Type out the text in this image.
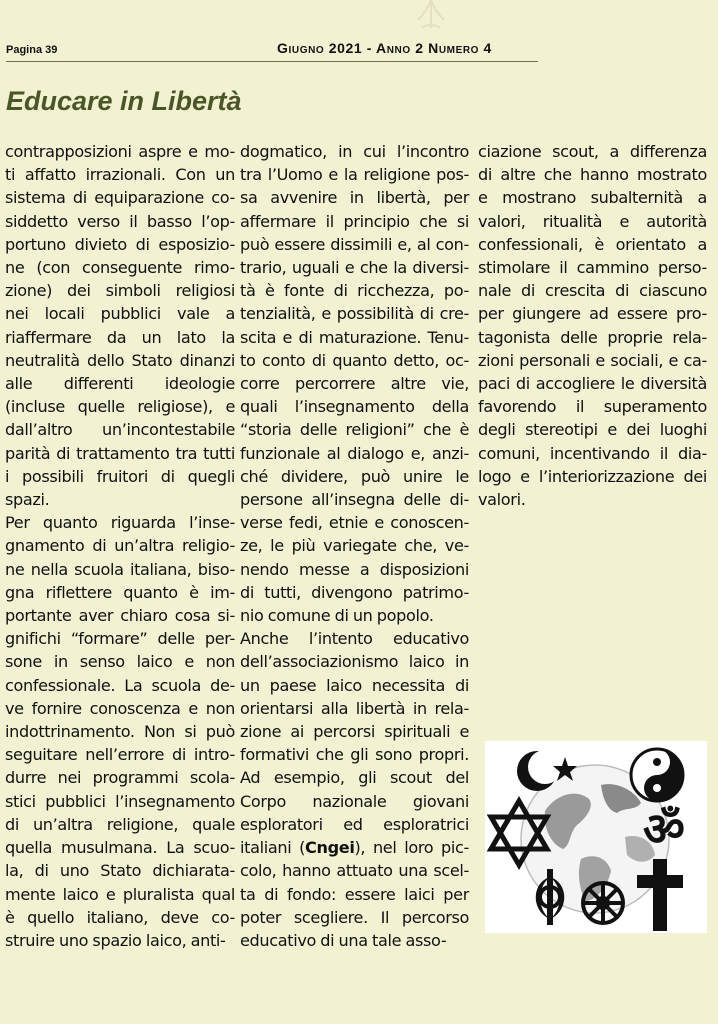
Pagina 39	Giugno 2021 - Anno 2 Numero 4
Educare in Libertà

contrapposizioni aspre e mo-

ti affatto irrazionali. Con un

sistema di equiparazione co-

siddetto verso il basso l’op-

portuno divieto di esposizio-

ne (con conseguente rimo-

zione) dei simboli religiosi

nei locali pubblici vale a

riaffermare da un lato la

neutralità dello Stato dinanzi

alle differenti ideologie

(incluse quelle religiose), e

dall’altro un’incontestabile

parità di trattamento tra tutti

i possibili fruitori di quegli

spazi.

Per quanto riguarda l’inse-

gnamento di un’altra religio-

ne nella scuola italiana, biso-

gna riflettere quanto è im-

portante aver chiaro cosa si-

gnifichi “formare” delle per-

sone in senso laico e non

confessionale. La scuola de-

ve fornire conoscenza e non

indottrinamento. Non si può

seguitare nell’errore di intro-

durre nei programmi scola-

stici pubblici l’insegnamento

di un’altra religione, quale

quella musulmana. La scuo-

la, di uno Stato dichiarata-

mente laico e pluralista qual

è quello italiano, deve co-

struire uno spazio laico, anti-

dogmatico, in cui l’incontro

tra l’Uomo e la religione pos-

sa avvenire in libertà, per

affermare il principio che si

può essere dissimili e, al con-

trario, uguali e che la diversi-

tà è fonte di ricchezza, po-

tenzialità, e possibilità di cre-

scita e di maturazione. Tenu-

to conto di quanto detto, oc-

corre percorrere altre vie,

quali l’insegnamento della

“storia delle religioni” che è

funzionale al dialogo e, anzi-

ché dividere, può unire le

persone all’insegna delle di-

verse fedi, etnie e conoscen-

ze, le più variegate che, ve-

nendo messe a disposizioni

di tutti, divengono patrimo-

nio comune di un popolo.

Anche l’intento educativo

dell’associazionismo laico in

un paese laico necessita di

orientarsi alla libertà in rela-

zione ai percorsi spirituali e

formativi che gli sono propri.

Ad esempio, gli scout del

Corpo nazionale giovani

esploratori ed esploratrici

italiani (Cngei), nel loro pic-

colo, hanno attuato una scel-

ta di fondo: essere laici per

poter scegliere. Il percorso

educativo di una tale asso-

ciazione scout, a differenza

di altre che hanno mostrato

e mostrano subalternità a

valori, ritualità e autorità

confessionali, è orientato a

stimolare il cammino perso-

nale di crescita di ciascuno

per giungere ad essere pro-

tagonista delle proprie rela-

zioni personali e sociali, e ca-

paci di accogliere le diversità

favorendo il superamento

degli stereotipi e dei luoghi

comuni, incentivando il dia-

logo e l’interiorizzazione dei

valori.

ॐ
